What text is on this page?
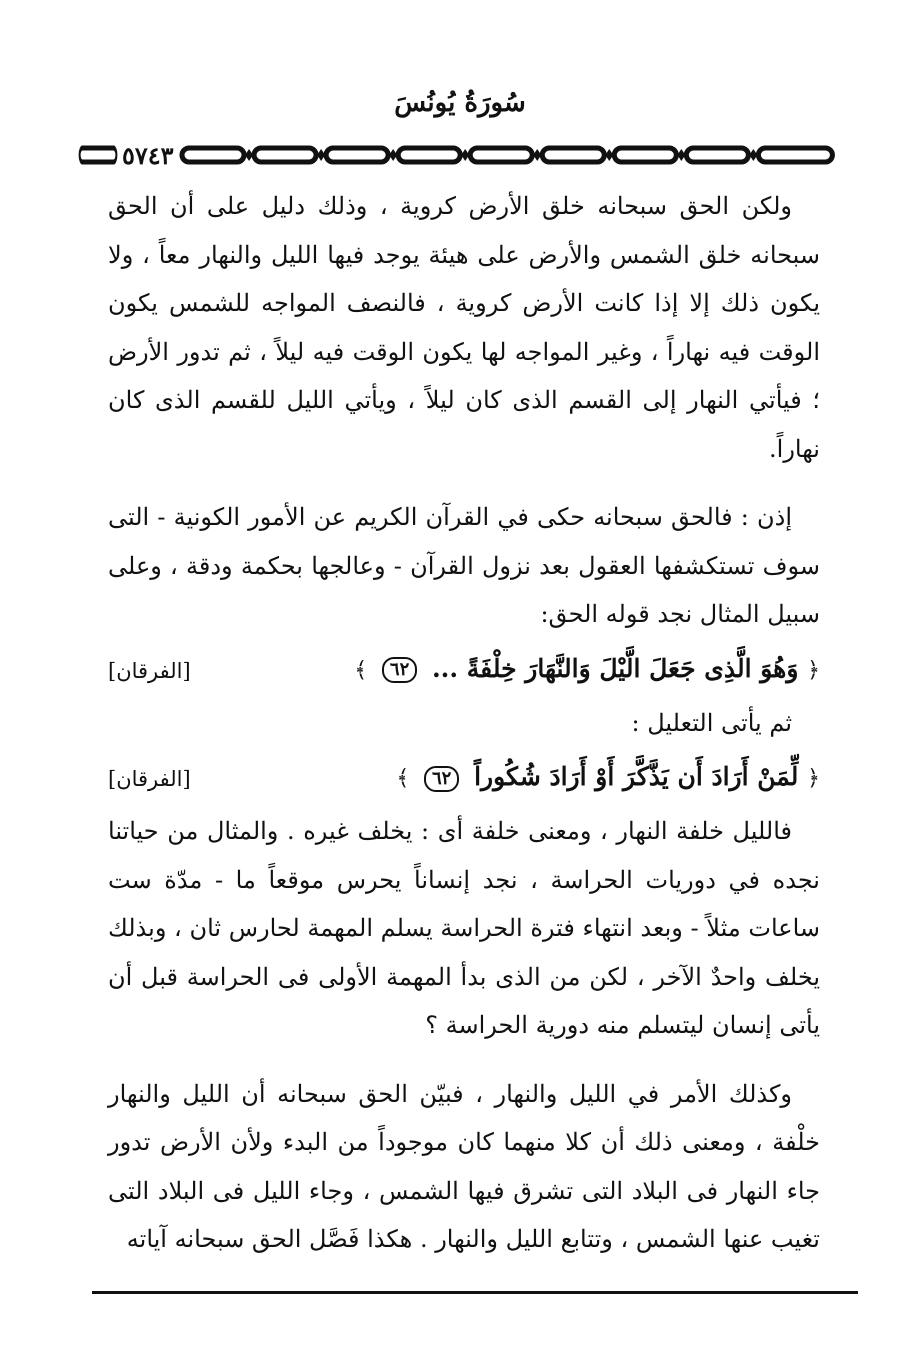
سُورَةُ يُونُسَ
٥٧٤٣

ولكن الحق سبحانه خلق الأرض كروية ، وذلك دليل على أن الحق سبحانه خلق الشمس والأرض على هيئة يوجد فيها الليل والنهار معاً ، ولا يكون ذلك إلا إذا كانت الأرض كروية ، فالنصف المواجه للشمس يكون الوقت فيه نهاراً ، وغير المواجه لها يكون الوقت فيه ليلاً ، ثم تدور الأرض ؛ فيأتي النهار إلى القسم الذى كان ليلاً ، ويأتي الليل للقسم الذى كان نهاراً.

إذن : فالحق سبحانه حكى في القرآن الكريم عن الأمور الكونية - التى سوف تستكشفها العقول بعد نزول القرآن - وعالجها بحكمة ودقة ، وعلى سبيل المثال نجد قوله الحق:

﴿ وَهُوَ الَّذِى جَعَلَ الَّيْلَ وَالنَّهَارَ خِلْفَةً ... ٦٢ ﴾
[الفرقان]

ثم يأتى التعليل :

﴿ لِّمَنْ أَرَادَ أَن يَذَّكَّرَ أَوْ أَرَادَ شُكُوراً ٦٢ ﴾
[الفرقان]

فالليل خلفة النهار ، ومعنى خلفة أى : يخلف غيره . والمثال من حياتنا نجده في دوريات الحراسة ، نجد إنساناً يحرس موقعاً ما - مدّة ست ساعات مثلاً - وبعد انتهاء فترة الحراسة يسلم المهمة لحارس ثان ، وبذلك يخلف واحدٌ الآخر ، لكن من الذى بدأ المهمة الأولى فى الحراسة قبل أن يأتى إنسان ليتسلم منه دورية الحراسة ؟

وكذلك الأمر في الليل والنهار ، فبيّن الحق سبحانه أن الليل والنهار خلْفة ، ومعنى ذلك أن كلا منهما كان موجوداً من البدء ولأن الأرض تدور جاء النهار فى البلاد التى تشرق فيها الشمس ، وجاء الليل فى البلاد التى تغيب عنها الشمس ، وتتابع الليل والنهار . هكذا فَصَّل الحق سبحانه آياته
